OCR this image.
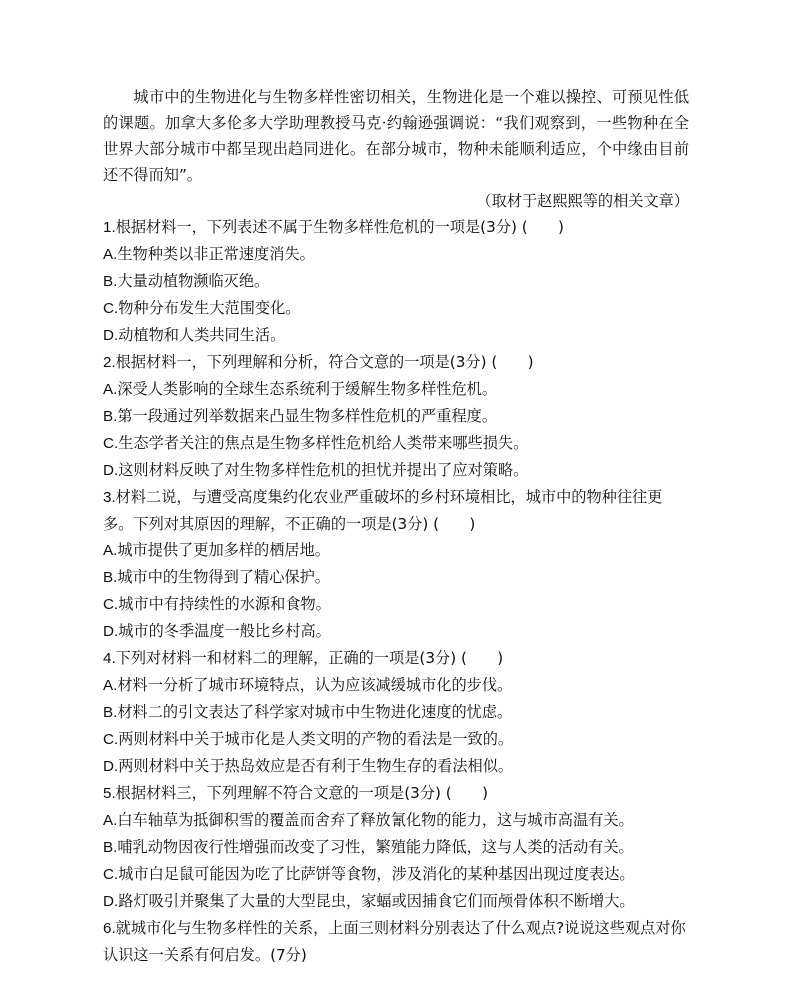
城市中的生物进化与生物多样性密切相关，生物进化是一个难以操控、可预见性低的课题。加拿大多伦多大学助理教授马克·约翰逊强调说：“我们观察到，一些物种在全世界大部分城市中都呈现出趋同进化。在部分城市，物种未能顺利适应，个中缘由目前还不得而知”。

（取材于赵熙熙等的相关文章）

1.根据材料一，下列表述不属于生物多样性危机的一项是(3分) (　　)

A.生物种类以非正常速度消失。

B.大量动植物濒临灭绝。

C.物种分布发生大范围变化。

D.动植物和人类共同生活。

2.根据材料一，下列理解和分析，符合文意的一项是(3分) (　　)

A.深受人类影响的全球生态系统利于缓解生物多样性危机。

B.第一段通过列举数据来凸显生物多样性危机的严重程度。

C.生态学者关注的焦点是生物多样性危机给人类带来哪些损失。

D.这则材料反映了对生物多样性危机的担忧并提出了应对策略。

3.材料二说，与遭受高度集约化农业严重破坏的乡村环境相比，城市中的物种往往更多。下列对其原因的理解，不正确的一项是(3分) (　　)

A.城市提供了更加多样的栖居地。

B.城市中的生物得到了精心保护。

C.城市中有持续性的水源和食物。

D.城市的冬季温度一般比乡村高。

4.下列对材料一和材料二的理解，正确的一项是(3分) (　　)

A.材料一分析了城市环境特点，认为应该减缓城市化的步伐。

B.材料二的引文表达了科学家对城市中生物进化速度的忧虑。

C.两则材料中关于城市化是人类文明的产物的看法是一致的。

D.两则材料中关于热岛效应是否有利于生物生存的看法相似。

5.根据材料三，下列理解不符合文意的一项是(3分) (　　)

A.白车轴草为抵御积雪的覆盖而舍弃了释放氰化物的能力，这与城市高温有关。

B.哺乳动物因夜行性增强而改变了习性，繁殖能力降低，这与人类的活动有关。

C.城市白足鼠可能因为吃了比萨饼等食物，涉及消化的某种基因出现过度表达。

D.路灯吸引并聚集了大量的大型昆虫，家蝠或因捕食它们而颅骨体积不断增大。

6.就城市化与生物多样性的关系，上面三则材料分别表达了什么观点?说说这些观点对你认识这一关系有何启发。(7分)
